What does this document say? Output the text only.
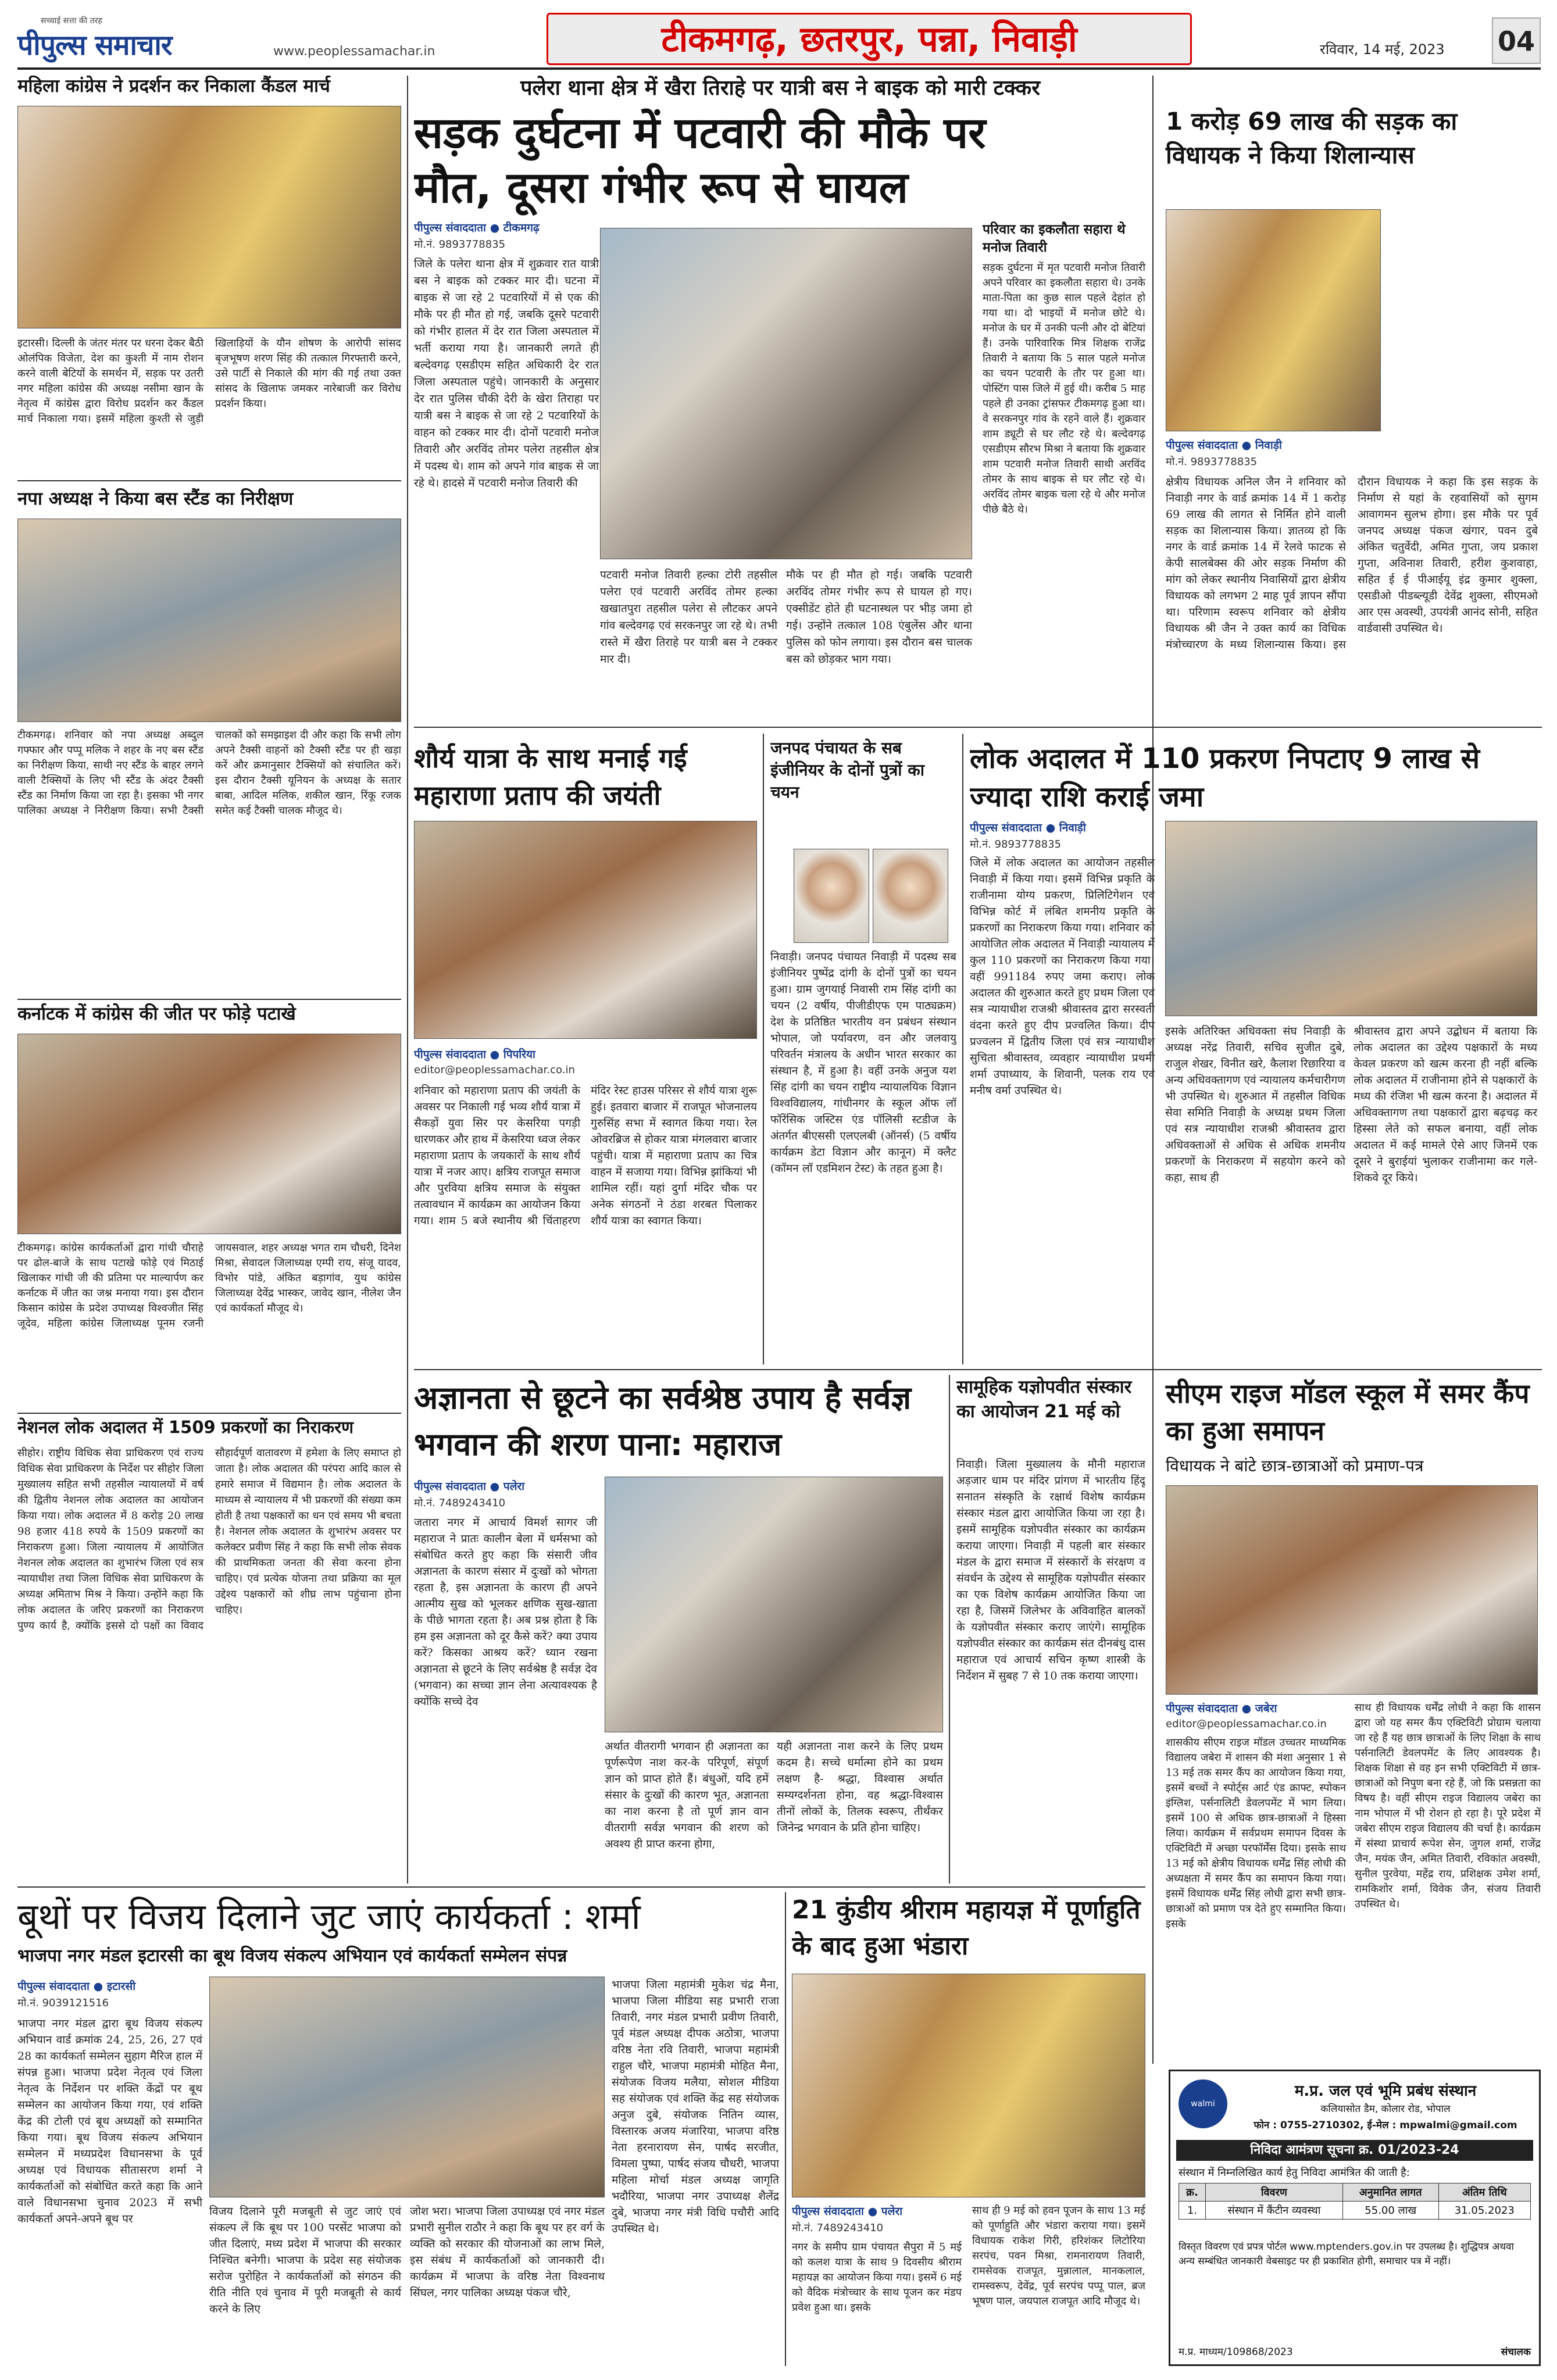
सच्चाई सत्ता की तरह
पीपुल्स समाचार	www.peoplessamachar.in	टीकमगढ़, छतरपुर, पन्ना, निवाड़ी	रविवार, 14 मई, 2023 04
महिला कांग्रेस ने प्रदर्शन कर निकाला कैंडल मार्च
इटारसी। दिल्ली के जंतर मंतर पर धरना देकर बैठी ओलंपिक विजेता, देश का कुश्ती में नाम रोशन करने वाली बेटियों के समर्थन में, सड़क पर उतरी नगर महिला कांग्रेस की अध्यक्ष नसीमा खान के नेतृत्व में कांग्रेस द्वारा विरोध प्रदर्शन कर कैंडल मार्च निकाला गया। इसमें महिला कुश्ती से जुड़ी खिलाड़ियों के यौन शोषण के आरोपी सांसद बृजभूषण शरण सिंह की तत्काल गिरफ्तारी करने, उसे पार्टी से निकाले की मांग की गई तथा उक्त सांसद के खिलाफ जमकर नारेबाजी कर विरोध प्रदर्शन किया।
नपा अध्यक्ष ने किया बस स्टैंड का निरीक्षण
टीकमगढ़। शनिवार को नपा अध्यक्ष अब्दुल गफ्फार और पप्पू मलिक ने शहर के नए बस स्टैंड का निरीक्षण किया, साथी नए स्टैंड के बाहर लगने वाली टैक्सियों के लिए भी स्टैंड के अंदर टैक्सी स्टैंड का निर्माण किया जा रहा है। इसका भी नगर पालिका अध्यक्ष ने निरीक्षण किया। सभी टैक्सी चालकों को समझाइश दी और कहा कि सभी लोग अपने टैक्सी वाहनों को टैक्सी स्टैंड पर ही खड़ा करें और क्रमानुसार टैक्सियों को संचालित करें। इस दौरान टैक्सी यूनियन के अध्यक्ष के सतार बाबा, आदिल मलिक, शकील खान, रिंकू रजक समेत कई टैक्सी चालक मौजूद थे।
कर्नाटक में कांग्रेस की जीत पर फोड़े पटाखे
टीकमगढ़। कांग्रेस कार्यकर्ताओं द्वारा गांधी चौराहे पर ढोल-बाजे के साथ पटाखे फोड़े एवं मिठाई खिलाकर गांधी जी की प्रतिमा पर माल्यार्पण कर कर्नाटक में जीत का जश्न मनाया गया। इस दौरान किसान कांग्रेस के प्रदेश उपाध्यक्ष विश्वजीत सिंह जूदेव, महिला कांग्रेस जिलाध्यक्ष पूनम रजनी जायसवाल, शहर अध्यक्ष भगत राम चौधरी, दिनेश मिश्रा, सेवादल जिलाध्यक्ष एम्पी राय, संजू यादव, विभोर पांडे, अंकित बड़ागांव, युथ कांग्रेस जिलाध्यक्ष देवेंद्र भास्कर, जावेद खान, नीलेश जैन एवं कार्यकर्ता मौजूद थे।
नेशनल लोक अदालत में 1509 प्रकरणों का निराकरण
सीहोर। राष्ट्रीय विधिक सेवा प्राधिकरण एवं राज्य विधिक सेवा प्राधिकरण के निर्देश पर सीहोर जिला मुख्यालय सहित सभी तहसील न्यायालयों में वर्ष की द्वितीय नेशनल लोक अदालत का आयोजन किया गया। लोक अदालत में 8 करोड़ 20 लाख 98 हजार 418 रुपये के 1509 प्रकरणों का निराकरण हुआ। जिला न्यायालय में आयोजित नेशनल लोक अदालत का शुभारंभ जिला एवं सत्र न्यायाधीश तथा जिला विधिक सेवा प्राधिकरण के अध्यक्ष अमिताभ मिश्र ने किया। उन्होंने कहा कि लोक अदालत के जरिए प्रकरणों का निराकरण पुण्य कार्य है, क्योंकि इससे दो पक्षों का विवाद सौहार्दपूर्ण वातावरण में हमेशा के लिए समाप्त हो जाता है। लोक अदालत की परंपरा आदि काल से हमारे समाज में विद्यमान है। लोक अदालत के माध्यम से न्यायालय में भी प्रकरणों की संख्या कम होती है तथा पक्षकारों का धन एवं समय भी बचता है। नेशनल लोक अदालत के शुभारंभ अवसर पर कलेक्टर प्रवीण सिंह ने कहा कि सभी लोक सेवक की प्राथमिकता जनता की सेवा करना होना चाहिए। एवं प्रत्येक योजना तथा प्रक्रिया का मूल उद्देश्य पक्षकारों को शीघ्र लाभ पहुंचाना होना चाहिए।
पलेरा थाना क्षेत्र में खैरा तिराहे पर यात्री बस ने बाइक को मारी टक्कर
सड़क दुर्घटना में पटवारी की मौके पर मौत, दूसरा गंभीर रूप से घायल
पीपुल्स संवाददाता ● टीकमगढ़
मो.नं. 9893778835
जिले के पलेरा थाना क्षेत्र में शुक्रवार रात यात्री बस ने बाइक को टक्कर मार दी। घटना में बाइक से जा रहे 2 पटवारियों में से एक की मौके पर ही मौत हो गई, जबकि दूसरे पटवारी को गंभीर हालत में देर रात जिला अस्पताल में भर्ती कराया गया है। जानकारी लगते ही बल्देवगढ़ एसडीएम सहित अधिकारी देर रात जिला अस्पताल पहुंचे। जानकारी के अनुसार देर रात पुलिस चौकी देरी के खेरा तिराहा पर यात्री बस ने बाइक से जा रहे 2 पटवारियों के वाहन को टक्कर मार दी। दोनों पटवारी मनोज तिवारी और अरविंद तोमर पलेरा तहसील क्षेत्र में पदस्थ थे। शाम को अपने गांव बाइक से जा रहे थे। हादसे में पटवारी मनोज तिवारी की
पटवारी मनोज तिवारी हल्का टोरी तहसील पलेरा एवं पटवारी अरविंद तोमर हल्का खखातपुरा तहसील पलेरा से लौटकर अपने गांव बल्देवगढ़ एवं सरकनपुर जा रहे थे। तभी रास्ते में खैरा तिराहे पर यात्री बस ने टक्कर मार दी।
मौके पर ही मौत हो गई। जबकि पटवारी अरविंद तोमर गंभीर रूप से घायल हो गए। एक्सीडेंट होते ही घटनास्थल पर भीड़ जमा हो गई। उन्होंने तत्काल 108 एंबुलेंस और थाना पुलिस को फोन लगाया। इस दौरान बस चालक बस को छोड़कर भाग गया।
परिवार का इकलौता सहारा थे मनोज तिवारी
सड़क दुर्घटना में मृत पटवारी मनोज तिवारी अपने परिवार का इकलौता सहारा थे। उनके माता-पिता का कुछ साल पहले देहांत हो गया था। दो भाइयों में मनोज छोटे थे। मनोज के घर में उनकी पत्नी और दो बेटियां हैं। उनके पारिवारिक मित्र शिक्षक राजेंद्र तिवारी ने बताया कि 5 साल पहले मनोज का चयन पटवारी के तौर पर हुआ था। पोस्टिंग पास जिले में हुई थी। करीब 5 माह पहले ही उनका ट्रांसफर टीकमगढ़ हुआ था। वे सरकनपुर गांव के रहने वाले हैं। शुक्रवार शाम ड्यूटी से घर लौट रहे थे। बल्देवगढ़ एसडीएम सौरभ मिश्रा ने बताया कि शुक्रवार शाम पटवारी मनोज तिवारी साथी अरविंद तोमर के साथ बाइक से घर लौट रहे थे। अरविंद तोमर बाइक चला रहे थे और मनोज पीछे बैठे थे।
1 करोड़ 69 लाख की सड़क का विधायक ने किया शिलान्यास
पीपुल्स संवाददाता ● निवाड़ी
मो.नं. 9893778835
क्षेत्रीय विधायक अनिल जैन ने शनिवार को निवाड़ी नगर के वार्ड क्रमांक 14 में 1 करोड़ 69 लाख की लागत से निर्मित होने वाली सड़क का शिलान्यास किया। ज्ञातव्य हो कि नगर के वार्ड क्रमांक 14 में रेलवे फाटक से केपी सालबेक्स की ओर सड़क निर्माण की मांग को लेकर स्थानीय निवासियों द्वारा क्षेत्रीय विधायक को लगभग 2 माह पूर्व ज्ञापन सौंपा था। परिणाम स्वरूप शनिवार को क्षेत्रीय विधायक श्री जैन ने उक्त कार्य का विधिक मंत्रोच्चारण के मध्य शिलान्यास किया। इस दौरान विधायक ने कहा कि इस सड़क के निर्माण से यहां के रहवासियों को सुगम आवागमन सुलभ होगा। इस मौके पर पूर्व जनपद अध्यक्ष पंकज खंगार, पवन दुबे अंकित चतुर्वेदी, अमित गुप्ता, जय प्रकाश गुप्ता, अविनाश तिवारी, हरीश कुशवाहा, सहित ई ई पीआईयू इंद्र कुमार शुक्ला, एसडीओ पीडब्ल्यूडी देवेंद्र शुक्ला, सीएमओ आर एस अवस्थी, उपयंत्री आनंद सोनी, सहित वार्डवासी उपस्थित थे।
शौर्य यात्रा के साथ मनाई गई महाराणा प्रताप की जयंती
पीपुल्स संवाददाता ● पिपरिया
editor@peoplessamachar.co.in
शनिवार को महाराणा प्रताप की जयंती के अवसर पर निकाली गई भव्य शौर्य यात्रा में सैकड़ों युवा सिर पर केसरिया पगड़ी धारणकर और हाथ में केसरिया ध्वज लेकर महाराणा प्रताप के जयकारों के साथ शौर्य यात्रा में नजर आए। क्षत्रिय राजपूत समाज और पुरविया क्षत्रिय समाज के संयुक्त तत्वावधान में कार्यक्रम का आयोजन किया गया। शाम 5 बजे स्थानीय श्री चिंताहरण मंदिर रेस्ट हाउस परिसर से शौर्य यात्रा शुरू हुई। इतवारा बाजार में राजपूत भोजनालय गुरुसिंह सभा में स्वागत किया गया। रेल ओवरब्रिज से होकर यात्रा मंगलवारा बाजार पहुंची। यात्रा में महाराणा प्रताप का चित्र वाहन में सजाया गया। विभिन्न झांकियां भी शामिल रहीं। यहां दुर्गा मंदिर चौक पर अनेक संगठनों ने ठंडा शरबत पिलाकर शौर्य यात्रा का स्वागत किया।
जनपद पंचायत के सब इंजीनियर के दोनों पुत्रों का चयन
निवाड़ी। जनपद पंचायत निवाड़ी में पदस्थ सब इंजीनियर पुष्पेंद्र दांगी के दोनों पुत्रों का चयन हुआ। ग्राम जुगयाई निवासी राम सिंह दांगी का चयन (2 वर्षीय, पीजीडीएफ एम पाठ्यक्रम) देश के प्रतिष्ठित भारतीय वन प्रबंधन संस्थान भोपाल, जो पर्यावरण, वन और जलवायु परिवर्तन मंत्रालय के अधीन भारत सरकार का संस्थान है, में हुआ है। वहीं उनके अनुज यश सिंह दांगी का चयन राष्ट्रीय न्यायालयिक विज्ञान विश्वविद्यालय, गांधीनगर के स्कूल ऑफ लॉ फॉरेंसिक जस्टिस एंड पॉलिसी स्टडीज के अंतर्गत बीएससी एलएलबी (ऑनर्स) (5 वर्षीय कार्यक्रम डेटा विज्ञान और कानून) में क्लैट (कॉमन लॉ एडमिशन टेस्ट) के तहत हुआ है।
लोक अदालत में 110 प्रकरण निपटाए 9 लाख से ज्यादा राशि कराई जमा
पीपुल्स संवाददाता ● निवाड़ी
मो.नं. 9893778835
जिले में लोक अदालत का आयोजन तहसील निवाड़ी में किया गया। इसमें विभिन्न प्रकृति के राजीनामा योग्य प्रकरण, प्रिलिटिगेशन एवं विभिन्न कोर्ट में लंबित शमनीय प्रकृति के प्रकरणों का निराकरण किया गया। शनिवार को आयोजित लोक अदालत में निवाड़ी न्यायालय में कुल 110 प्रकरणों का निराकरण किया गया। वहीं 991184 रुपए जमा कराए। लोक अदालत की शुरुआत करते हुए प्रथम जिला एवं सत्र न्यायाधीश राजश्री श्रीवास्तव द्वारा सरस्वती वंदना करते हुए दीप प्रज्वलित किया। दीप प्रज्वलन में द्वितीय जिला एवं सत्र न्यायाधीश सुचिता श्रीवास्तव, व्यवहार न्यायाधीश प्रथमी शर्मा उपाध्याय, के शिवानी, पलक राय एवं मनीष वर्मा उपस्थित थे।
इसके अतिरिक्त अधिवक्ता संघ निवाड़ी के अध्यक्ष नरेंद्र तिवारी, सचिव सुजीत दुबे, राजुल शेखर, विनीत खरे, कैलाश रिछारिया व अन्य अधिवक्तागण एवं न्यायालय कर्मचारीगण भी उपस्थित थे। शुरुआत में तहसील विधिक सेवा समिति निवाड़ी के अध्यक्ष प्रथम जिला एवं सत्र न्यायाधीश राजश्री श्रीवास्तव द्वारा अधिवक्ताओं से अधिक से अधिक शमनीय प्रकरणों के निराकरण में सहयोग करने को कहा, साथ ही
श्रीवास्तव द्वारा अपने उद्बोधन में बताया कि लोक अदालत का उद्देश्य पक्षकारों के मध्य केवल प्रकरण को खत्म करना ही नहीं बल्कि लोक अदालत में राजीनामा होने से पक्षकारों के मध्य की रंजिश भी खत्म करना है। अदालत में अधिवक्तागण तथा पक्षकारों द्वारा बढ़चढ़ कर हिस्सा लेते को सफल बनाया, वहीं लोक अदालत में कई मामले ऐसे आए जिनमें एक दूसरे ने बुराईयां भुलाकर राजीनामा कर गले-शिकवे दूर किये।
अज्ञानता से छूटने का सर्वश्रेष्ठ उपाय है सर्वज्ञ भगवान की शरण पाना: महाराज
पीपुल्स संवाददाता ● पलेरा
मो.नं. 7489243410
जतारा नगर में आचार्य विमर्श सागर जी महाराज ने प्रातः कालीन बेला में धर्मसभा को संबोधित करते हुए कहा कि संसारी जीव अज्ञानता के कारण संसार में दुःखों को भोगता रहता है, इस अज्ञानता के कारण ही अपने आत्मीय सुख को भूलकर क्षणिक सुख-खाता के पीछे भागता रहता है। अब प्रश्न होता है कि हम इस अज्ञानता को दूर कैसे करें? क्या उपाय करें? किसका आश्रय करें? ध्यान रखना अज्ञानता से छूटने के लिए सर्वश्रेष्ठ है सर्वज्ञ देव (भगवान) का सच्चा ज्ञान लेना अत्यावश्यक है क्योंकि सच्चे देव
अर्थात वीतरागी भगवान ही अज्ञानता का पूर्णरूपेण नाश कर-के परिपूर्ण, संपूर्ण ज्ञान को प्राप्त होते हैं। बंधुओं, यदि हमें संसार के दुःखों की कारण भूत, अज्ञानता का नाश करना है तो पूर्ण ज्ञान वान वीतरागी सर्वज्ञ भगवान की शरण को अवश्य ही प्राप्त करना होगा,
यही अज्ञानता नाश करने के लिए प्रथम कदम है। सच्चे धर्मात्मा होने का प्रथम लक्षण है- श्रद्धा, विश्वास अर्थात सम्यग्दर्शनता होना, वह श्रद्धा-विश्वास तीनों लोकों के, तिलक स्वरूप, तीर्थंकर जिनेन्द्र भगवान के प्रति होना चाहिए।
सामूहिक यज्ञोपवीत संस्कार का आयोजन 21 मई को
निवाड़ी। जिला मुख्यालय के मौनी महाराज अड़जार धाम पर मंदिर प्रांगण में भारतीय हिंदू सनातन संस्कृति के रक्षार्थ विशेष कार्यक्रम संस्कार मंडल द्वारा आयोजित किया जा रहा है। इसमें सामूहिक यज्ञोपवीत संस्कार का कार्यक्रम कराया जाएगा। निवाड़ी में पहली बार संस्कार मंडल के द्वारा समाज में संस्कारों के संरक्षण व संवर्धन के उद्देश्य से सामूहिक यज्ञोपवीत संस्कार का एक विशेष कार्यक्रम आयोजित किया जा रहा है, जिसमें जिलेभर के अविवाहित बालकों के यज्ञोपवीत संस्कार कराए जाएंगे। सामूहिक यज्ञोपवीत संस्कार का कार्यक्रम संत दीनबंधु दास महाराज एवं आचार्य सचिन कृष्ण शास्त्री के निर्देशन में सुबह 7 से 10 तक कराया जाएगा।
सीएम राइज मॉडल स्कूल में समर कैंप का हुआ समापन
विधायक ने बांटे छात्र-छात्राओं को प्रमाण-पत्र
पीपुल्स संवाददाता ● जबेरा
editor@peoplessamachar.co.in
शासकीय सीएम राइज मॉडल उच्चतर माध्यमिक विद्यालय जबेरा में शासन की मंशा अनुसार 1 से 13 मई तक समर कैंप का आयोजन किया गया, इसमें बच्चों ने स्पोर्ट्स आर्ट एंड क्राफ्ट, स्पोकन इंग्लिश, पर्सनालिटी डेवलपमेंट में भाग लिया। इसमें 100 से अधिक छात्र-छात्राओं ने हिस्सा लिया। कार्यक्रम में सर्वप्रथम समापन दिवस के एक्टिविटी में अच्छा परफॉर्मेंस दिया। इसके साथ 13 मई को क्षेत्रीय विधायक धर्मेंद्र सिंह लोधी की अध्यक्षता में समर कैंप का समापन किया गया। इसमें विधायक धर्मेंद्र सिंह लोधी द्वारा सभी छात्र-छात्राओं को प्रमाण पत्र देते हुए सम्मानित किया। इसके
साथ ही विधायक धर्मेंद्र लोधी ने कहा कि शासन द्वारा जो यह समर कैंप एक्टिविटी प्रोग्राम चलाया जा रहे हैं यह छात्र छात्राओं के लिए शिक्षा के साथ पर्सनालिटी डेवलपमेंट के लिए आवश्यक है। शिक्षक शिक्षा से वह इन सभी एक्टिविटी में छात्र-छात्राओं को निपुण बना रहे हैं, जो कि प्रसन्नता का विषय है। वहीं सीएम राइज विद्यालय जबेरा का नाम भोपाल में भी रोशन हो रहा है। पूरे प्रदेश में जबेरा सीएम राइज विद्यालय की चर्चा है। कार्यक्रम में संस्था प्राचार्य रूपेश सेन, जुगल शर्मा, राजेंद्र जैन, मयंक जैन, अमित तिवारी, रविकांत अवस्थी, सुनील पुरवेया, महेंद्र राय, प्रशिक्षक उमेश शर्मा, रामकिशोर शर्मा, विवेक जैन, संजय तिवारी उपस्थित थे।
बूथों पर विजय दिलाने जुट जाएं कार्यकर्ता : शर्मा
भाजपा नगर मंडल इटारसी का बूथ विजय संकल्प अभियान एवं कार्यकर्ता सम्मेलन संपन्न
पीपुल्स संवाददाता ● इटारसी
मो.नं. 9039121516
भाजपा नगर मंडल द्वारा बूथ विजय संकल्प अभियान वार्ड क्रमांक 24, 25, 26, 27 एवं 28 का कार्यकर्ता सम्मेलन सुहाग मैरिज हाल में संपन्न हुआ। भाजपा प्रदेश नेतृत्व एवं जिला नेतृत्व के निर्देशन पर शक्ति केंद्रों पर बूथ सम्मेलन का आयोजन किया गया, एवं शक्ति केंद्र की टोली एवं बूथ अध्यक्षों को सम्मानित किया गया। बूथ विजय संकल्प अभियान सम्मेलन में मध्यप्रदेश विधानसभा के पूर्व अध्यक्ष एवं विधायक सीतासरण शर्मा ने कार्यकर्ताओं को संबोधित करते कहा कि आने वाले विधानसभा चुनाव 2023 में सभी कार्यकर्ता अपने-अपने बूथ पर
विजय दिलाने पूरी मजबूती से जुट जाएं एवं संकल्प लें कि बूथ पर 100 परसेंट भाजपा को जीत दिलाएं, मध्य प्रदेश में भाजपा की सरकार निश्चित बनेगी। भाजपा के प्रदेश सह संयोजक सरोज पुरोहित ने कार्यकर्ताओं को संगठन की रीति नीति एवं चुनाव में पूरी मजबूती से कार्य करने के लिए
जोश भरा। भाजपा जिला उपाध्यक्ष एवं नगर मंडल प्रभारी सुनील राठौर ने कहा कि बूथ पर हर वर्ग के व्यक्ति को सरकार की योजनाओं का लाभ मिले, इस संबंध में कार्यकर्ताओं को जानकारी दी। कार्यक्रम में भाजपा के वरिष्ठ नेता विश्वनाथ सिंघल, नगर पालिका अध्यक्ष पंकज चौरे,
भाजपा जिला महामंत्री मुकेश चंद्र मैना, भाजपा जिला मीडिया सह प्रभारी राजा तिवारी, नगर मंडल प्रभारी प्रवीण तिवारी, पूर्व मंडल अध्यक्ष दीपक अठोत्रा, भाजपा वरिष्ठ नेता रवि तिवारी, भाजपा महामंत्री राहुल चौरे, भाजपा महामंत्री मोहित मैना, संयोजक विजय मलैया, सोशल मीडिया सह संयोजक एवं शक्ति केंद्र सह संयोजक अनुज दुबे, संयोजक नितिन व्यास, विस्तारक अजय मंजारिया, भाजपा वरिष्ठ नेता हरनारायण सेन, पार्षद सरजीत, विमला पुष्पा, पार्षद संजय चौधरी, भाजपा महिला मोर्चा मंडल अध्यक्ष जागृति भदौरिया, भाजपा नगर उपाध्यक्ष शैलेंद्र दुबे, भाजपा नगर मंत्री विधि पचौरी आदि उपस्थित थे।
21 कुंडीय श्रीराम महायज्ञ में पूर्णाहुति के बाद हुआ भंडारा
पीपुल्स संवाददाता ● पलेरा
मो.नं. 7489243410
नगर के समीप ग्राम पंचायत सैपुरा में 5 मई को कलश यात्रा के साथ 9 दिवसीय श्रीराम महायज्ञ का आयोजन किया गया। इसमें 6 मई को वैदिक मंत्रोच्चार के साथ पूजन कर मंडप प्रवेश हुआ था। इसके
साथ ही 9 मई को हवन पूजन के साथ 13 मई को पूर्णाहुति और भंडारा कराया गया। इसमें विधायक राकेश गिरी, हरिशंकर लिटोरिया सरपंच, पवन मिश्रा, रामनारायण तिवारी, रामसेवक राजपूत, मुन्नालाल, मानकलाल, रामस्वरूप, देवेंद्र, पूर्व सरपंच पप्पू पाल, ब्रज भूषण पाल, जयपाल राजपूत आदि मौजूद थे।
walmi
म.प्र. जल एवं भूमि प्रबंध संस्थान
कलियासोत डैम, कोलार रोड, भोपाल
फोन : 0755-2710302, ई-मेल : mpwalmi@gmail.com
निविदा आमंत्रण सूचना क्र. 01/2023-24
संस्थान में निम्नलिखित कार्य हेतु निविदा आमंत्रित की जाती है:
क्र.	विवरण	अनुमानित लागत	अंतिम तिथि
1.	संस्थान में कैंटीन व्यवस्था	55.00 लाख	31.05.2023
विस्तृत विवरण एवं प्रपत्र पोर्टल www.mptenders.gov.in पर उपलब्ध है। शुद्धिपत्र अथवा अन्य सम्बंधित जानकारी वेबसाइट पर ही प्रकाशित होगी, समाचार पत्र में नहीं।
म.प्र. माध्यम/109868/2023	संचालक
